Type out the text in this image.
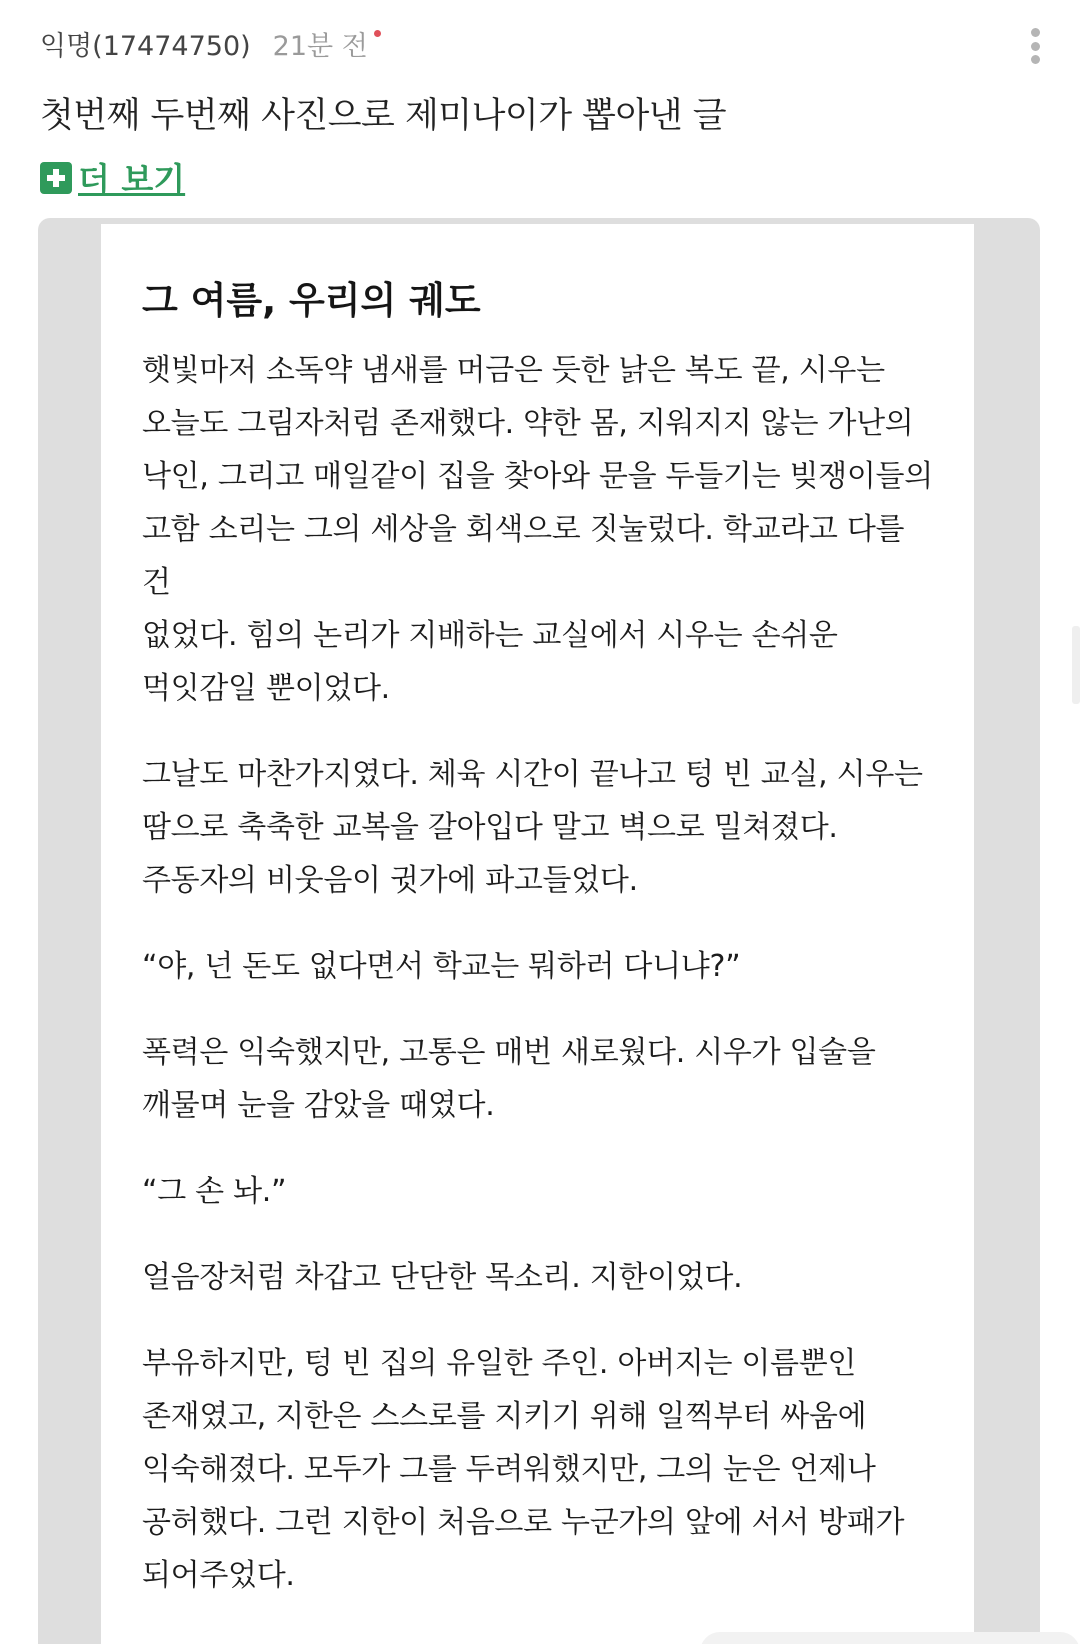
익명(17474750) 21분 전
첫번째 두번째 사진으로 제미나이가 뽑아낸 글
더 보기
그 여름, 우리의 궤도

햇빛마저 소독약 냄새를 머금은 듯한 낡은 복도 끝, 시우는
오늘도 그림자처럼 존재했다. 약한 몸, 지워지지 않는 가난의
낙인, 그리고 매일같이 집을 찾아와 문을 두들기는 빚쟁이들의
고함 소리는 그의 세상을 회색으로 짓눌렀다. 학교라고 다를 건
없었다. 힘의 논리가 지배하는 교실에서 시우는 손쉬운
먹잇감일 뿐이었다.

그날도 마찬가지였다. 체육 시간이 끝나고 텅 빈 교실, 시우는
땀으로 축축한 교복을 갈아입다 말고 벽으로 밀쳐졌다.
주동자의 비웃음이 귓가에 파고들었다.

“야, 넌 돈도 없다면서 학교는 뭐하러 다니냐?”

폭력은 익숙했지만, 고통은 매번 새로웠다. 시우가 입술을
깨물며 눈을 감았을 때였다.

“그 손 놔.”

얼음장처럼 차갑고 단단한 목소리. 지한이었다.

부유하지만, 텅 빈 집의 유일한 주인. 아버지는 이름뿐인
존재였고, 지한은 스스로를 지키기 위해 일찍부터 싸움에
익숙해졌다. 모두가 그를 두려워했지만, 그의 눈은 언제나
공허했다. 그런 지한이 처음으로 누군가의 앞에 서서 방패가
되어주었다.
